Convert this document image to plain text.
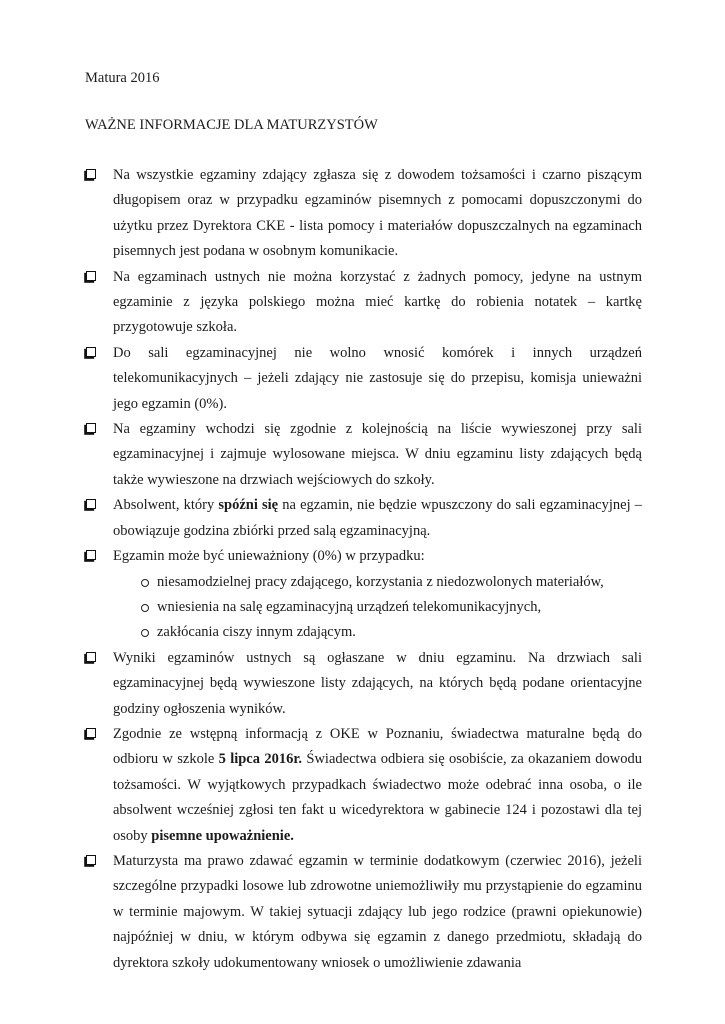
Matura 2016

WAŻNE INFORMACJE DLA MATURZYSTÓW

Na wszystkie egzaminy zdający zgłasza się z dowodem tożsamości i czarno piszącym długopisem oraz w przypadku egzaminów pisemnych z pomocami dopuszczonymi do użytku przez Dyrektora CKE - lista pomocy i materiałów dopuszczalnych na egzaminach pisemnych jest podana w osobnym komunikacie.
Na egzaminach ustnych nie można korzystać z żadnych pomocy, jedyne na ustnym egzaminie z języka polskiego można mieć kartkę do robienia notatek – kartkę przygotowuje szkoła.
Do sali egzaminacyjnej nie wolno wnosić komórek i innych urządzeń telekomunikacyjnych – jeżeli zdający nie zastosuje się do przepisu, komisja unieważni jego egzamin (0%).
Na egzaminy wchodzi się zgodnie z kolejnością na liście wywieszonej przy sali egzaminacyjnej i zajmuje wylosowane miejsca. W dniu egzaminu listy zdających będą także wywieszone na drzwiach wejściowych do szkoły.
Absolwent, który spóźni się na egzamin, nie będzie wpuszczony do sali egzaminacyjnej – obowiązuje godzina zbiórki przed salą egzaminacyjną.
Egzamin może być unieważniony (0%) w przypadku:
niesamodzielnej pracy zdającego, korzystania z niedozwolonych materiałów,
wniesienia na salę egzaminacyjną urządzeń telekomunikacyjnych,
zakłócania ciszy innym zdającym.
Wyniki egzaminów ustnych są ogłaszane w dniu egzaminu. Na drzwiach sali egzaminacyjnej będą wywieszone listy zdających, na których będą podane orientacyjne godziny ogłoszenia wyników.
Zgodnie ze wstępną informacją z OKE w Poznaniu, świadectwa maturalne będą do odbioru w szkole 5 lipca 2016r. Świadectwa odbiera się osobiście, za okazaniem dowodu tożsamości. W wyjątkowych przypadkach świadectwo może odebrać inna osoba, o ile absolwent wcześniej zgłosi ten fakt u wicedyrektora w gabinecie 124 i pozostawi dla tej osoby pisemne upoważnienie.
Maturzysta ma prawo zdawać egzamin w terminie dodatkowym (czerwiec 2016), jeżeli szczególne przypadki losowe lub zdrowotne uniemożliwiły mu przystąpienie do egzaminu w terminie majowym. W takiej sytuacji zdający lub jego rodzice (prawni opiekunowie) najpóźniej w dniu, w którym odbywa się egzamin z danego przedmiotu, składają do dyrektora szkoły udokumentowany wniosek o umożliwienie zdawania
